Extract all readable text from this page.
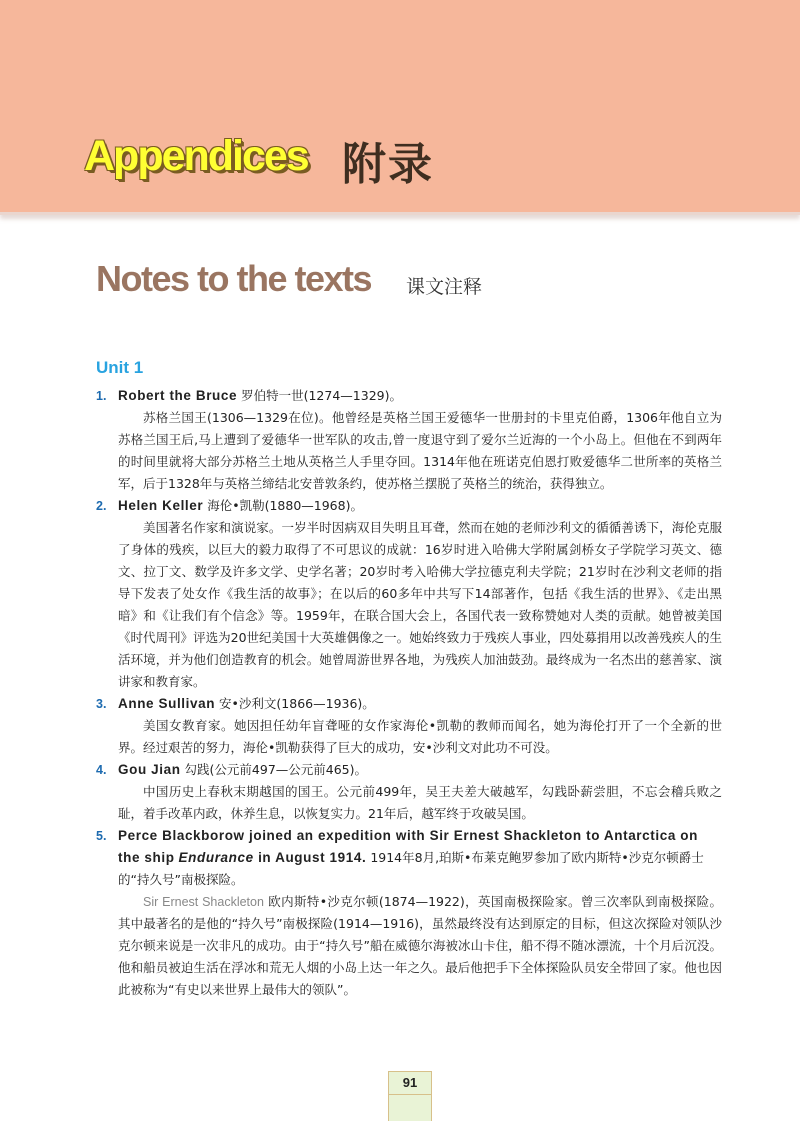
Appendices 附录
Notes to the texts 课文注释
Unit 1
1. Robert the Bruce 罗伯特一世(1274—1329)。

苏格兰国王(1306—1329在位)。他曾经是英格兰国王爱德华一世册封的卡里克伯爵，1306年他自立为苏格兰国王后,马上遭到了爱德华一世军队的攻击,曾一度退守到了爱尔兰近海的一个小岛上。但他在不到两年的时间里就将大部分苏格兰土地从英格兰人手里夺回。1314年他在班诺克伯恩打败爱德华二世所率的英格兰军，后于1328年与英格兰缔结北安普敦条约，使苏格兰摆脱了英格兰的统治，获得独立。

2. Helen Keller 海伦•凯勒(1880—1968)。

美国著名作家和演说家。一岁半时因病双目失明且耳聋，然而在她的老师沙利文的循循善诱下，海伦克服了身体的残疾，以巨大的毅力取得了不可思议的成就：16岁时进入哈佛大学附属剑桥女子学院学习英文、德文、拉丁文、数学及许多文学、史学名著；20岁时考入哈佛大学拉德克利夫学院；21岁时在沙利文老师的指导下发表了处女作《我生活的故事》；在以后的60多年中共写下14部著作，包括《我生活的世界》、《走出黑暗》和《让我们有个信念》等。1959年，在联合国大会上，各国代表一致称赞她对人类的贡献。她曾被美国《时代周刊》评选为20世纪美国十大英雄偶像之一。她始终致力于残疾人事业，四处募捐用以改善残疾人的生活环境，并为他们创造教育的机会。她曾周游世界各地，为残疾人加油鼓劲。最终成为一名杰出的慈善家、演讲家和教育家。

3. Anne Sullivan 安•沙利文(1866—1936)。

美国女教育家。她因担任幼年盲聋哑的女作家海伦•凯勒的教师而闻名，她为海伦打开了一个全新的世界。经过艰苦的努力，海伦•凯勒获得了巨大的成功，安•沙利文对此功不可没。

4. Gou Jian 勾践(公元前497—公元前465)。

中国历史上春秋末期越国的国王。公元前499年，吴王夫差大破越军，勾践卧薪尝胆，不忘会稽兵败之耻，着手改革内政，休养生息，以恢复实力。21年后，越军终于攻破吴国。

5. Perce Blackborow joined an expedition with Sir Ernest Shackleton to Antarctica on the ship Endurance in August 1914. 1914年8月,珀斯•布莱克鲍罗参加了欧内斯特•沙克尔顿爵士的“持久号”南极探险。

Sir Ernest Shackleton 欧内斯特•沙克尔顿(1874—1922)，英国南极探险家。曾三次率队到南极探险。其中最著名的是他的“持久号”南极探险(1914—1916)，虽然最终没有达到原定的目标，但这次探险对领队沙克尔顿来说是一次非凡的成功。由于“持久号”船在威德尔海被冰山卡住，船不得不随冰漂流，十个月后沉没。他和船员被迫生活在浮冰和荒无人烟的小岛上达一年之久。最后他把手下全体探险队员安全带回了家。他也因此被称为“有史以来世界上最伟大的领队”。

91
